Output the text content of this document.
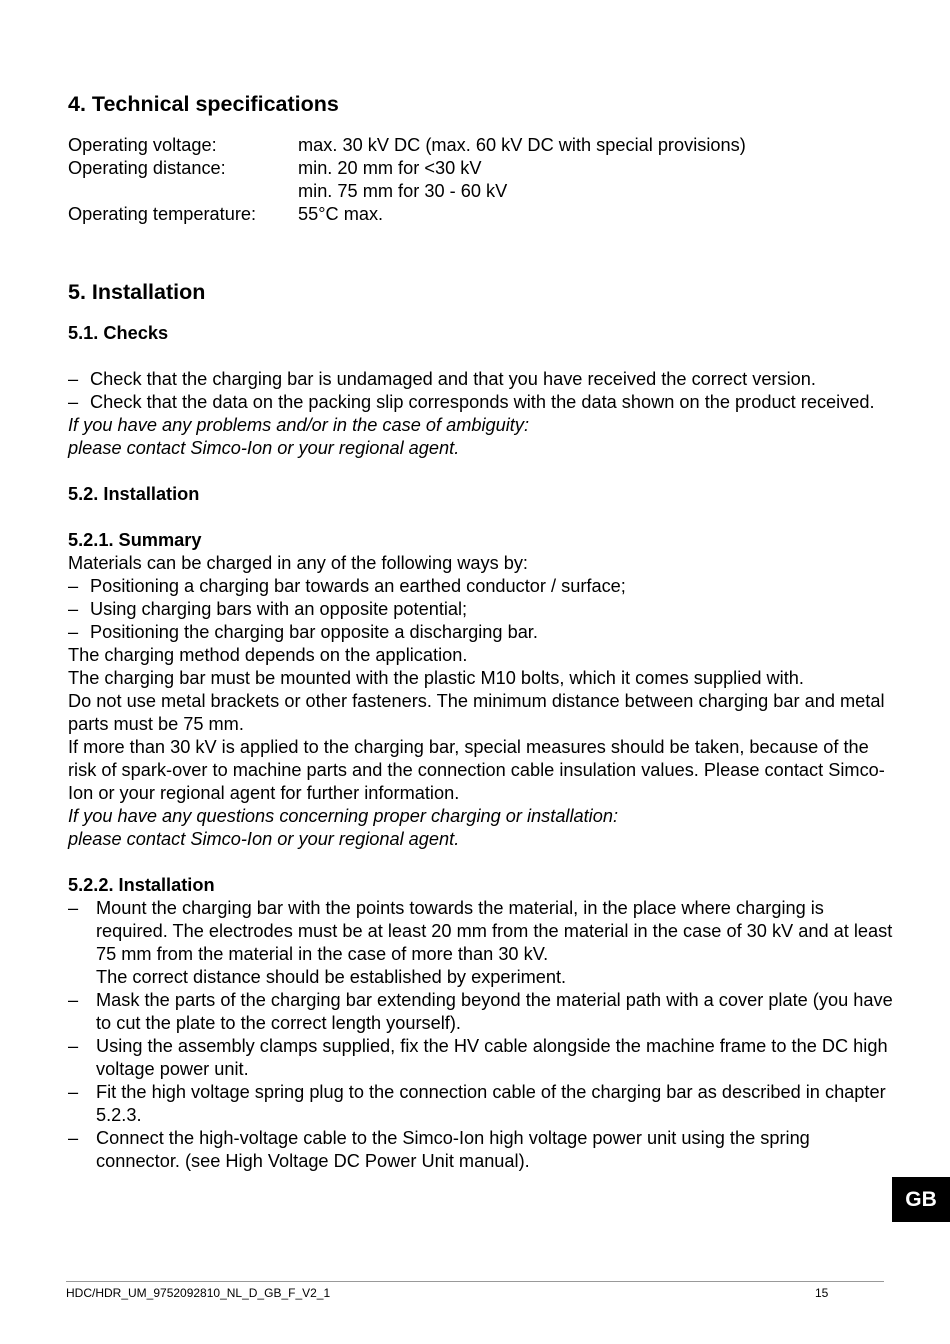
4. Technical specifications
Operating voltage:	max. 30 kV DC (max. 60 kV DC with special provisions)
Operating distance:	min. 20 mm for <30 kV
min. 75 mm for 30 - 60 kV
Operating temperature:	55°C max.
5. Installation
5.1. Checks
– Check that the charging bar is undamaged and that you have received the correct version.
– Check that the data on the packing slip corresponds with the data shown on the product received.

If you have any problems and/or in the case of ambiguity:

please contact Simco-Ion or your regional agent.

5.2. Installation
5.2.1. Summary

Materials can be charged in any of the following ways by:

– Positioning a charging bar towards an earthed conductor / surface;
– Using charging bars with an opposite potential;
– Positioning the charging bar opposite a discharging bar.

The charging method depends on the application.

The charging bar must be mounted with the plastic M10 bolts, which it comes supplied with.

Do not use metal brackets or other fasteners. The minimum distance between charging bar and metal parts must be 75 mm.

If more than 30 kV is applied to the charging bar, special measures should be taken, because of the risk of spark-over to machine parts and the connection cable insulation values. Please contact Simco-Ion or your regional agent for further information.

If you have any questions concerning proper charging or installation:

please contact Simco-Ion or your regional agent.

5.2.2. Installation
– Mount the charging bar with the points towards the material, in the place where charging is required. The electrodes must be at least 20 mm from the material in the case of 30 kV and at least 75 mm from the material in the case of more than 30 kV.
The correct distance should be established by experiment.
– Mask the parts of the charging bar extending beyond the material path with a cover plate (you have to cut the plate to the correct length yourself).
– Using the assembly clamps supplied, fix the HV cable alongside the machine frame to the DC high voltage power unit.
– Fit the high voltage spring plug to the connection cable of the charging bar as described in chapter 5.2.3.
– Connect the high-voltage cable to the Simco-Ion high voltage power unit using the spring connector. (see High Voltage DC Power Unit manual).
GB
HDC/HDR_UM_9752092810_NL_D_GB_F_V2_1	15
